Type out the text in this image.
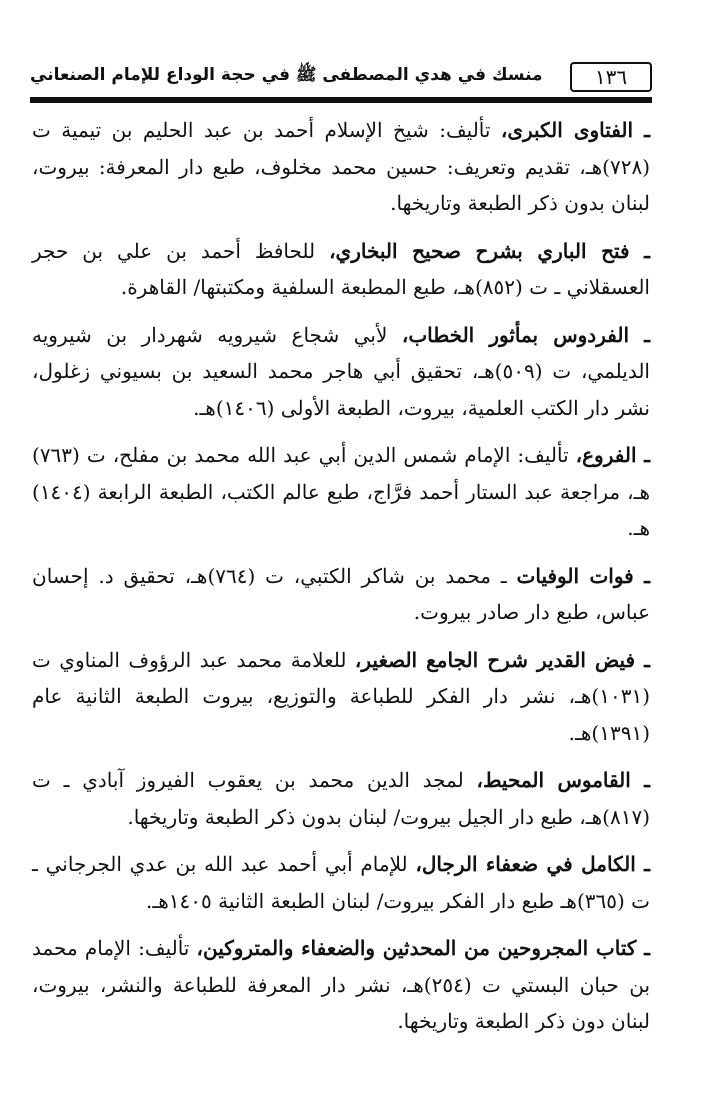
١٣٦
منسك في هدي المصطفى ﷺ في حجة الوداع للإمام الصنعاني

ـ الفتاوى الكبرى، تأليف: شيخ الإسلام أحمد بن عبد الحليم بن تيمية ت (٧٢٨)هـ، تقديم وتعريف: حسين محمد مخلوف، طبع دار المعرفة: بيروت، لبنان بدون ذكر الطبعة وتاريخها.

ـ فتح الباري بشرح صحيح البخاري، للحافظ أحمد بن علي بن حجر العسقلاني ـ ت (٨٥٢)هـ، طبع المطبعة السلفية ومكتبتها/ القاهرة.

ـ الفردوس بمأثور الخطاب، لأبي شجاع شيرويه شهردار بن شيرويه الديلمي، ت (٥٠٩)هـ، تحقيق أبي هاجر محمد السعيد بن بسيوني زغلول، نشر دار الكتب العلمية، بيروت، الطبعة الأولى (١٤٠٦)هـ.

ـ الفروع، تأليف: الإمام شمس الدين أبي عبد الله محمد بن مفلح، ت (٧٦٣) هـ، مراجعة عبد الستار أحمد فرَّاج، طبع عالم الكتب، الطبعة الرابعة (١٤٠٤) هـ.

ـ فوات الوفيات ـ محمد بن شاكر الكتبي، ت (٧٦٤)هـ، تحقيق د. إحسان عباس، طبع دار صادر بيروت.

ـ فيض القدير شرح الجامع الصغير، للعلامة محمد عبد الرؤوف المناوي ت (١٠٣١)هـ، نشر دار الفكر للطباعة والتوزيع، بيروت الطبعة الثانية عام (١٣٩١)هـ.

ـ القاموس المحيط، لمجد الدين محمد بن يعقوب الفيروز آبادي ـ ت (٨١٧)هـ، طبع دار الجيل بيروت/ لبنان بدون ذكر الطبعة وتاريخها.

ـ الكامل في ضعفاء الرجال، للإمام أبي أحمد عبد الله بن عدي الجرجاني ـ ت (٣٦٥)هـ طبع دار الفكر بيروت/ لبنان الطبعة الثانية ١٤٠٥هـ.

ـ كتاب المجروحين من المحدثين والضعفاء والمتروكين، تأليف: الإمام محمد بن حبان البستي ت (٢٥٤)هـ، نشر دار المعرفة للطباعة والنشر، بيروت، لبنان دون ذكر الطبعة وتاريخها.
